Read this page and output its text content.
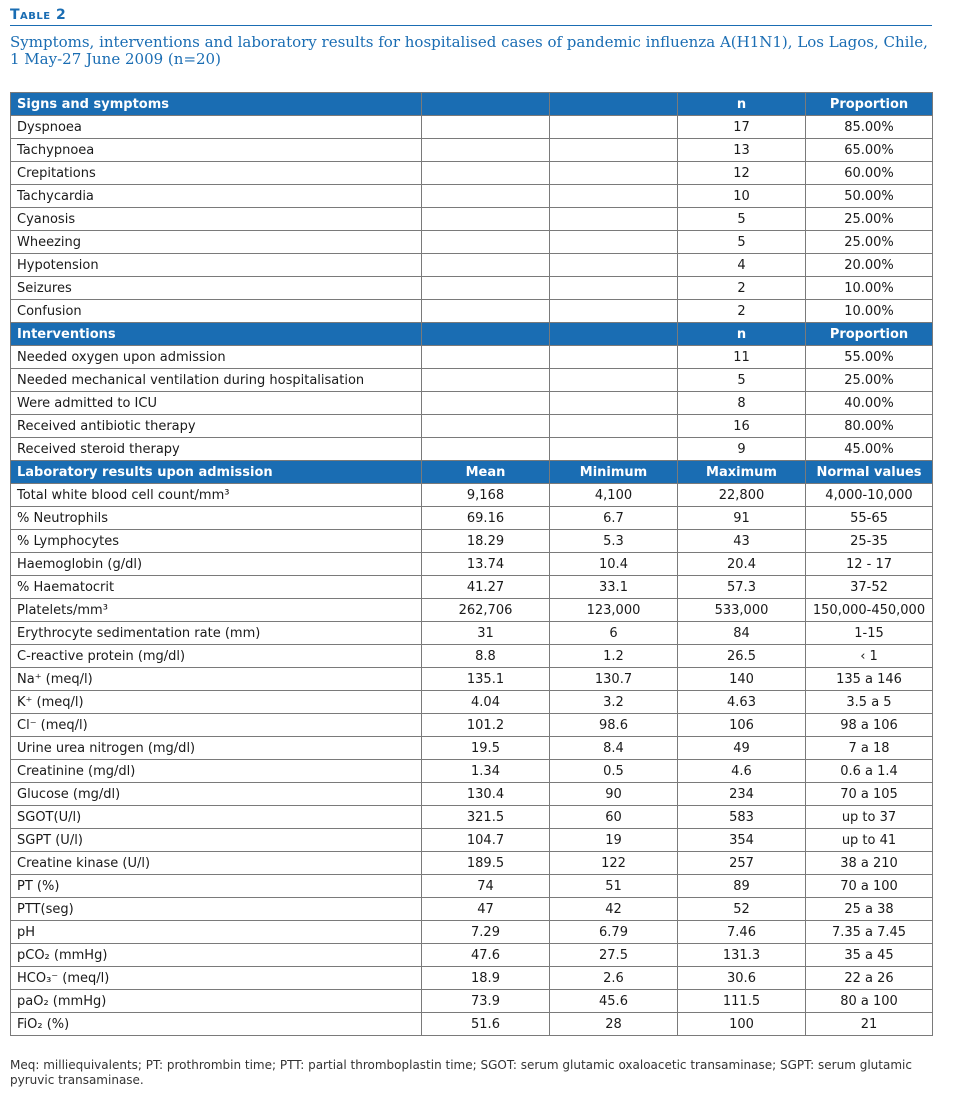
Table 2
Symptoms, interventions and laboratory results for hospitalised cases of pandemic influenza A(H1N1), Los Lagos, Chile, 1 May-27 June 2009 (n=20)
Signs and symptoms			n	Proportion
Dyspnoea			17	85.00%
Tachypnoea			13	65.00%
Crepitations			12	60.00%
Tachycardia			10	50.00%
Cyanosis			5	25.00%
Wheezing			5	25.00%
Hypotension			4	20.00%
Seizures			2	10.00%
Confusion			2	10.00%
Interventions			n	Proportion
Needed oxygen upon admission			11	55.00%
Needed mechanical ventilation during hospitalisation			5	25.00%
Were admitted to ICU			8	40.00%
Received antibiotic therapy			16	80.00%
Received steroid therapy			9	45.00%
Laboratory results upon admission	Mean	Minimum	Maximum	Normal values
Total white blood cell count/mm³	9,168	4,100	22,800	4,000-10,000
% Neutrophils	69.16	6.7	91	55-65
% Lymphocytes	18.29	5.3	43	25-35
Haemoglobin (g/dl)	13.74	10.4	20.4	12 - 17
% Haematocrit	41.27	33.1	57.3	37-52
Platelets/mm³	262,706	123,000	533,000	150,000-450,000
Erythrocyte sedimentation rate (mm)	31	6	84	1-15
C-reactive protein (mg/dl)	8.8	1.2	26.5	‹ 1
Na⁺ (meq/l)	135.1	130.7	140	135 a 146
K⁺ (meq/l)	4.04	3.2	4.63	3.5 a 5
Cl⁻ (meq/l)	101.2	98.6	106	98 a 106
Urine urea nitrogen (mg/dl)	19.5	8.4	49	7 a 18
Creatinine (mg/dl)	1.34	0.5	4.6	0.6 a 1.4
Glucose (mg/dl)	130.4	90	234	70 a 105
SGOT(U/l)	321.5	60	583	up to 37
SGPT (U/l)	104.7	19	354	up to 41
Creatine kinase (U/l)	189.5	122	257	38 a 210
PT (%)	74	51	89	70 a 100
PTT(seg)	47	42	52	25 a 38
pH	7.29	6.79	7.46	7.35 a 7.45
pCO₂ (mmHg)	47.6	27.5	131.3	35 a 45
HCO₃⁻ (meq/l)	18.9	2.6	30.6	22 a 26
paO₂ (mmHg)	73.9	45.6	111.5	80 a 100
FiO₂ (%)	51.6	28	100	21
Meq: milliequivalents; PT: prothrombin time; PTT: partial thromboplastin time; SGOT: serum glutamic oxaloacetic transaminase; SGPT: serum glutamic pyruvic transaminase.
